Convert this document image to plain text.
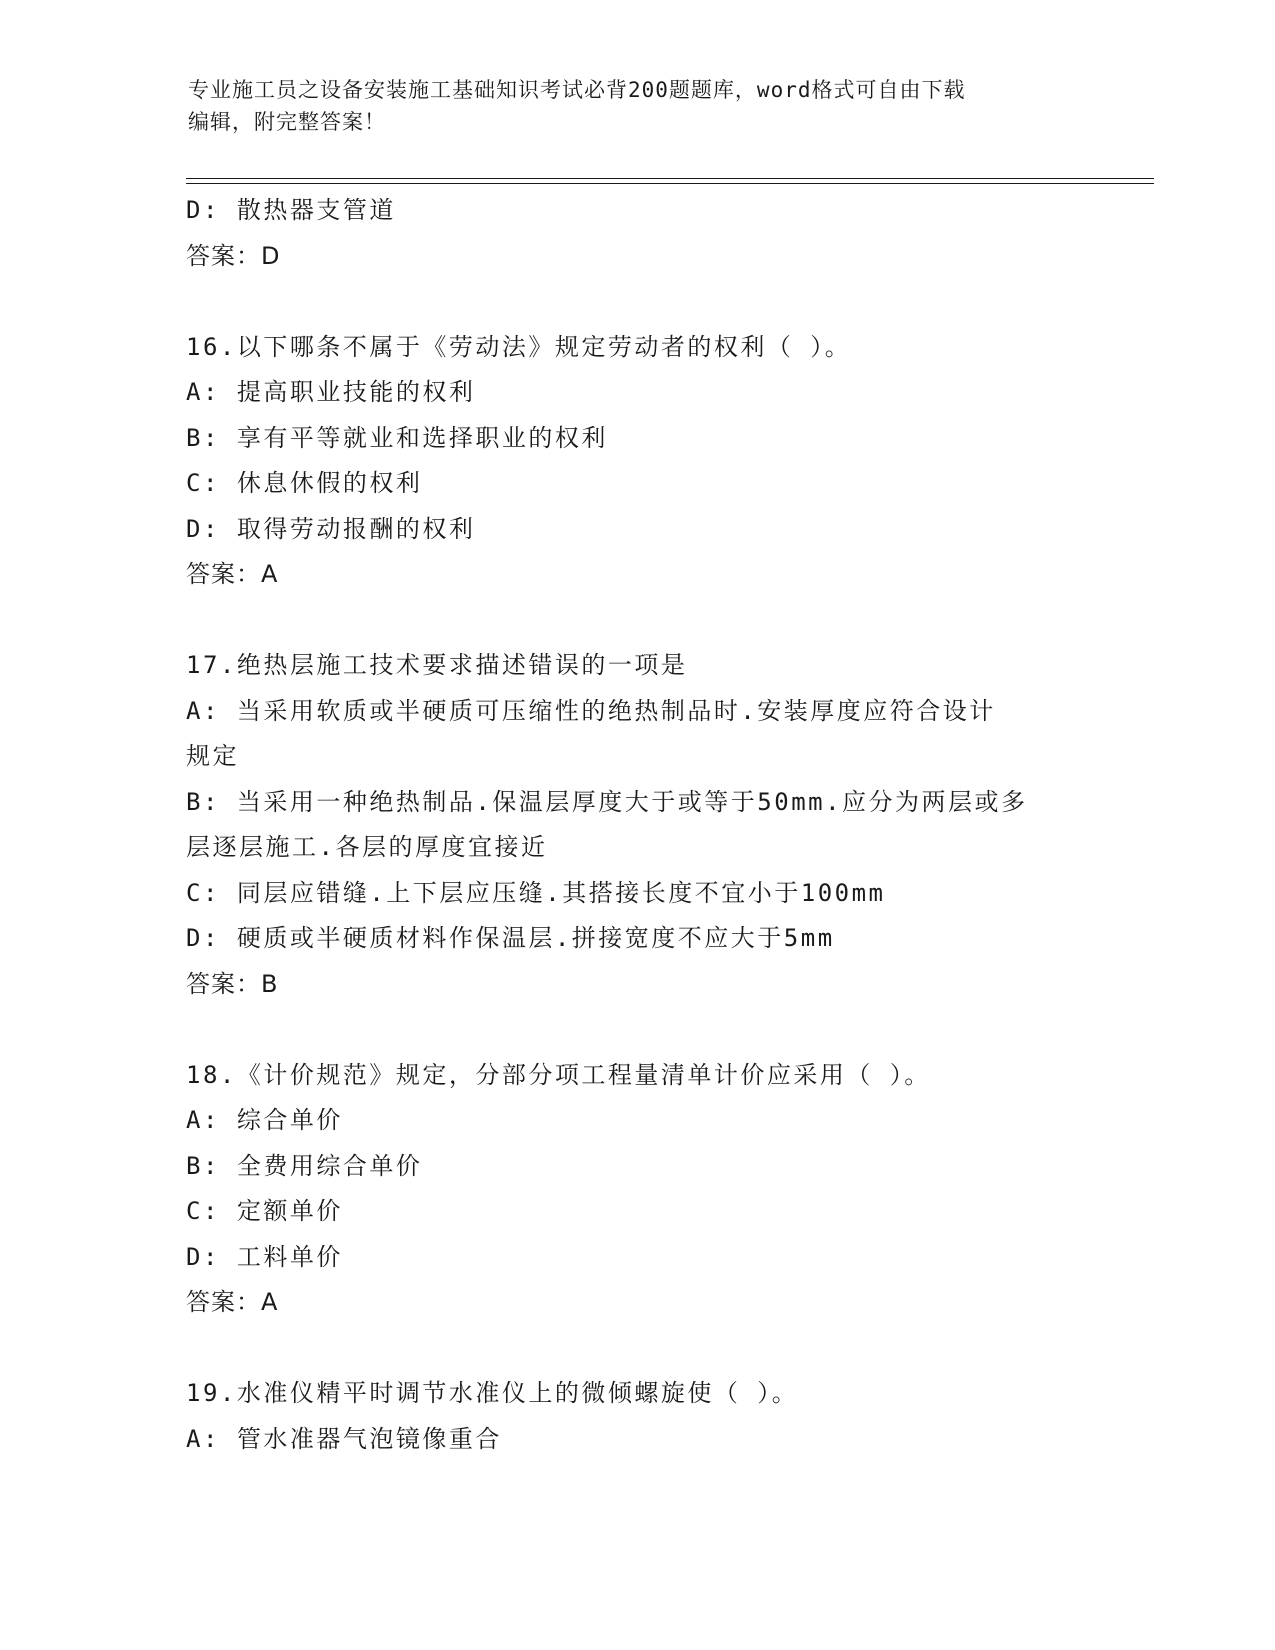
专业施工员之设备安装施工基础知识考试必背200题题库，word格式可自由下载
编辑，附完整答案！
D: 散热器支管道
答案：D
16.以下哪条不属于《劳动法》规定劳动者的权利（ ）。
A: 提高职业技能的权利
B: 享有平等就业和选择职业的权利
C: 休息休假的权利
D: 取得劳动报酬的权利
答案：A
17.绝热层施工技术要求描述错误的一项是
A: 当采用软质或半硬质可压缩性的绝热制品时.安装厚度应符合设计
规定
B: 当采用一种绝热制品.保温层厚度大于或等于50mm.应分为两层或多
层逐层施工.各层的厚度宜接近
C: 同层应错缝.上下层应压缝.其搭接长度不宜小于100mm
D: 硬质或半硬质材料作保温层.拼接宽度不应大于5mm
答案：B
18.《计价规范》规定，分部分项工程量清单计价应采用（ ）。
A: 综合单价
B: 全费用综合单价
C: 定额单价
D: 工料单价
答案：A
19.水准仪精平时调节水准仪上的微倾螺旋使（ ）。
A: 管水准器气泡镜像重合
